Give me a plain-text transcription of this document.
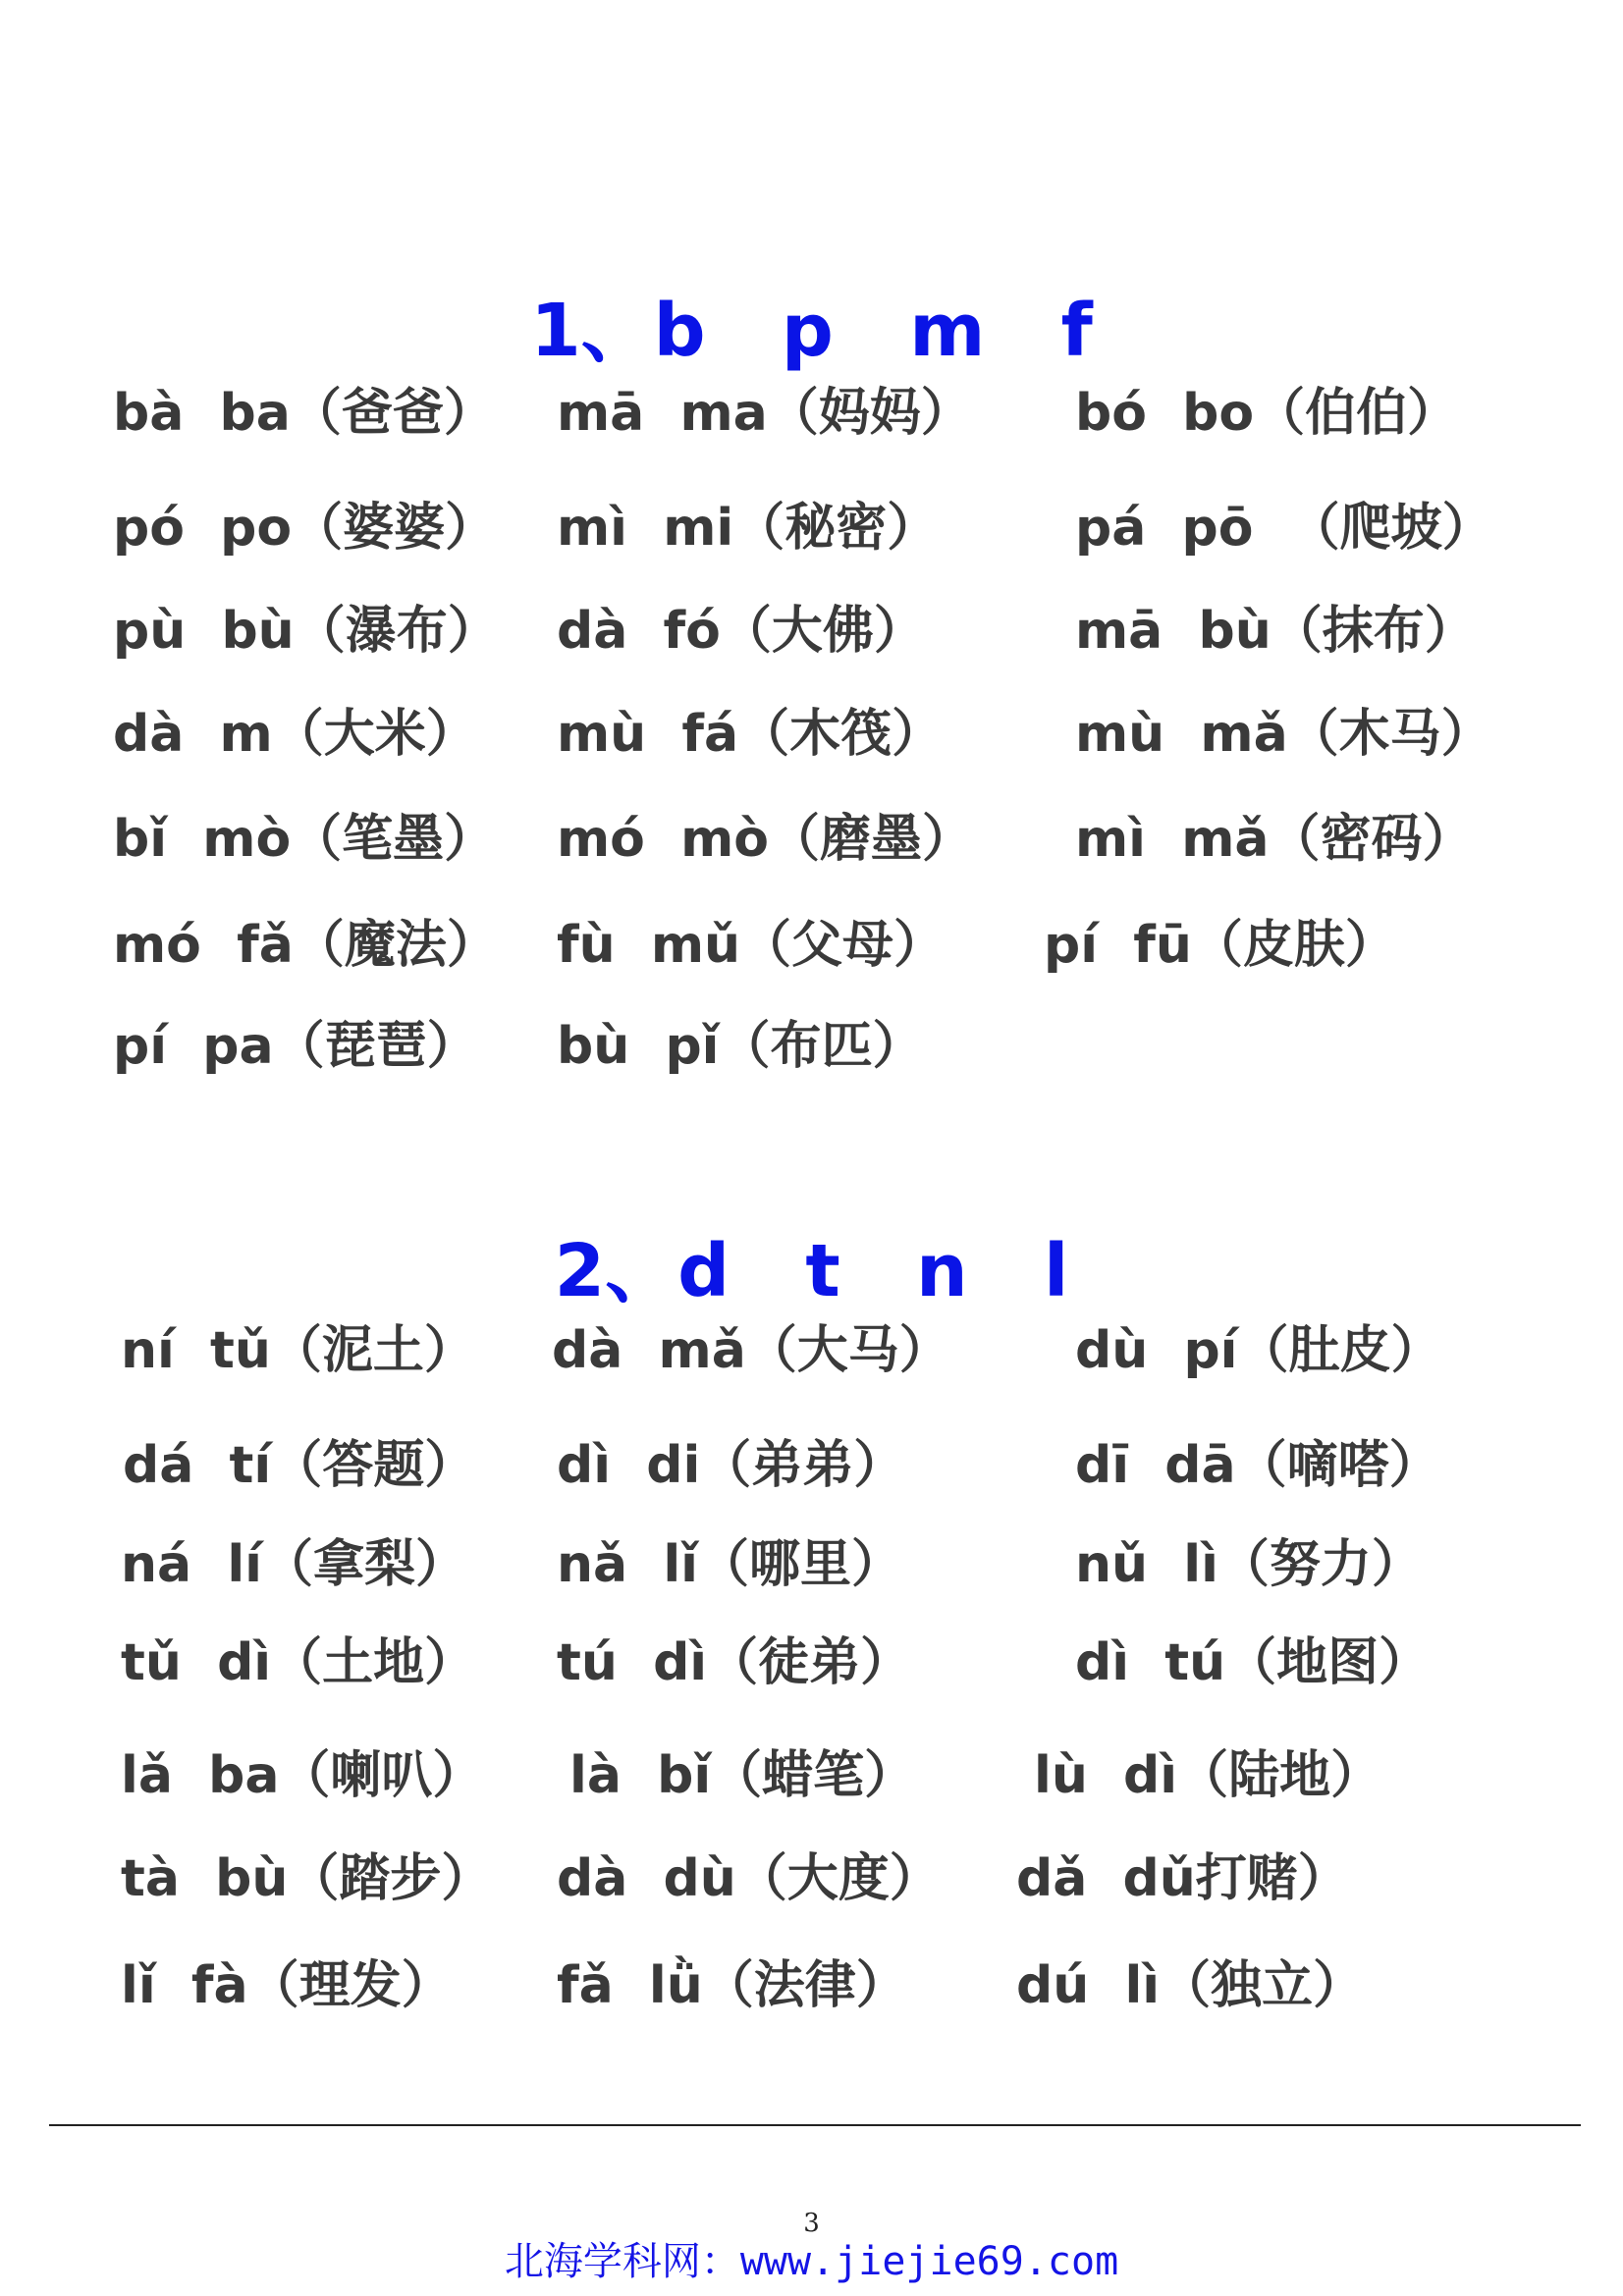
1、b   p   m   f
bà  ba（爸爸） mā  ma（妈妈） bó  bo（伯伯）
pó  po（婆婆） mì  mi（秘密）	pá  pō  （爬坡）
pù  bù（瀑布） dà  fó（大佛）	mā  bù（抹布）
dà  m（大米） mù  fá（木筏）	mù  mǎ（木马）
bǐ  mò（笔墨） mó  mò（磨墨） mì  mǎ（密码）
mó  fǎ（魔法） fù  mǔ（父母） pí  fū（皮肤）
pí  pa（琵琶） bù  pǐ（布匹）
2、d   t   n   l
ní  tǔ（泥土） dà  mǎ（大马） dù  pí（肚皮）
dá  tí（答题） dì  di（弟弟）	dī  dā（嘀嗒）
ná  lí（拿梨） nǎ  lǐ（哪里）	nǔ  lì（努力）
tǔ  dì（土地） tú  dì（徒弟）	dì  tú（地图）
lǎ  ba（喇叭） là  bǐ（蜡笔） lù  dì（陆地）
tà  bù（踏步） dà  dù（大度） dǎ  dǔ打赌）
lǐ  fà（理发） fǎ  lǜ（法律） dú  lì（独立）
3
北海学科网：www.jiejie69.com
